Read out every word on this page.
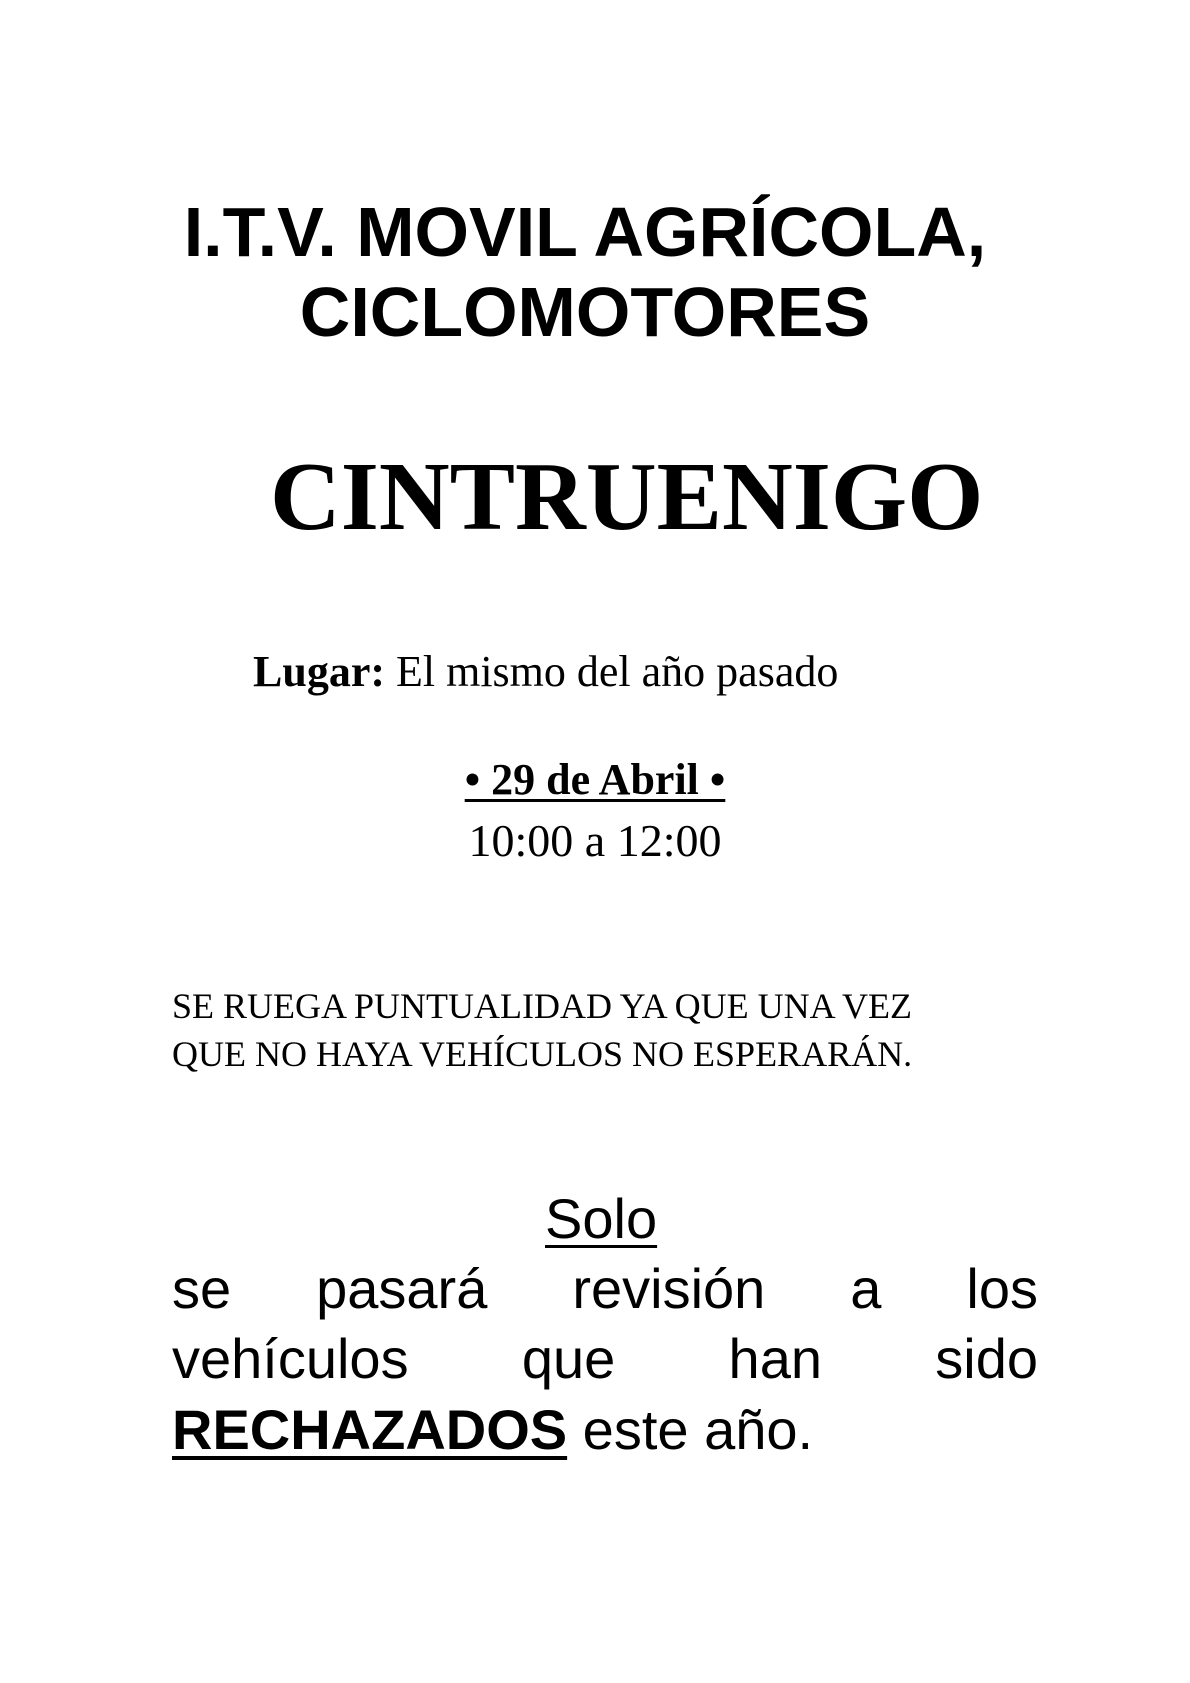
I.T.V. MOVIL AGRÍCOLA,
CICLOMOTORES
CINTRUENIGO
Lugar: El mismo del año pasado
• 29 de Abril •
10:00 a 12:00
SE RUEGA PUNTUALIDAD YA QUE UNA VEZ
QUE NO HAYA VEHÍCULOS NO ESPERARÁN.
Solo
se pasará revisión a los
vehículos que han sido
RECHAZADOS este año.
